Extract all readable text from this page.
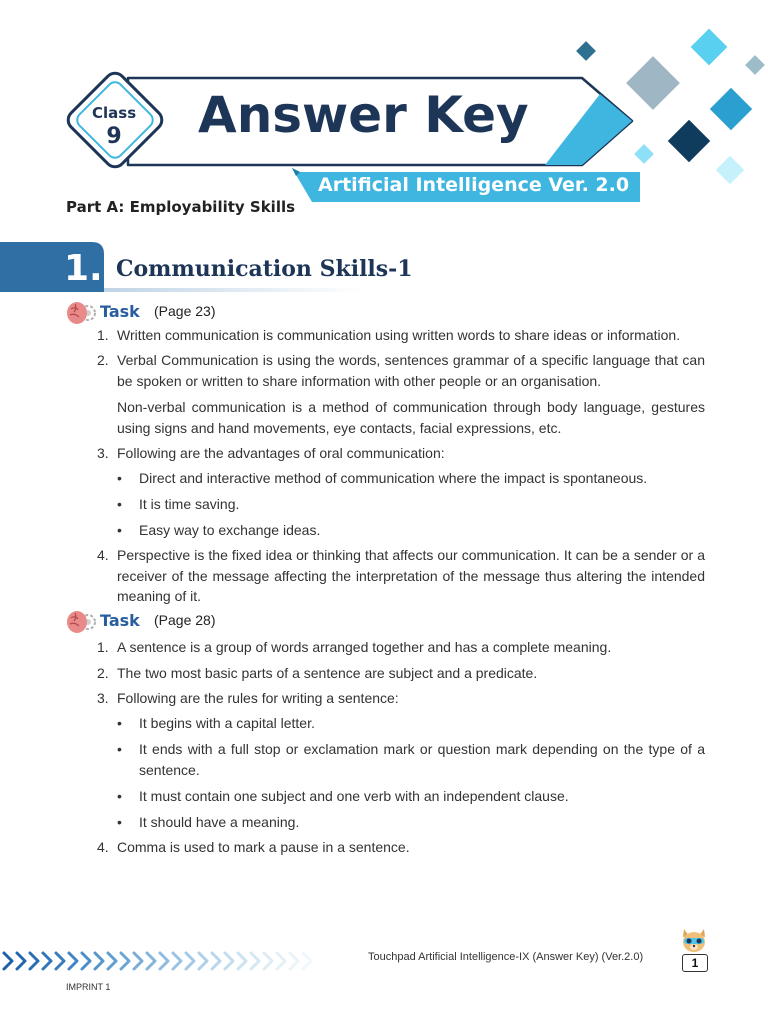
Class
9 Answer Key
Artificial Intelligence Ver. 2.0
Part A: Employability Skills
1. Communication Skills-1
Task (Page 23)
1. Written communication is communication using written words to share ideas or information.
2. Verbal Communication is using the words, sentences grammar of a specific language that can be spoken or written to share information with other people or an organisation.
Non-verbal communication is a method of communication through body language, gestures using signs and hand movements, eye contacts, facial expressions, etc.
3. Following are the advantages of oral communication:
•	Direct and interactive method of communication where the impact is spontaneous.
•	It is time saving.
•	Easy way to exchange ideas.
4. Perspective is the fixed idea or thinking that affects our communication. It can be a sender or a receiver of the message affecting the interpretation of the message thus altering the intended meaning of it.
Task (Page 28)
1. A sentence is a group of words arranged together and has a complete meaning.
2. The two most basic parts of a sentence are subject and a predicate.
3. Following are the rules for writing a sentence:
•	It begins with a capital letter.
•	It ends with a full stop or exclamation mark or question mark depending on the type of a sentence.
•	It must contain one subject and one verb with an independent clause.
•	It should have a meaning.
4. Comma is used to mark a pause in a sentence.
Touchpad Artificial Intelligence-IX (Answer Key) (Ver.2.0)	1
IMPRINT 1
